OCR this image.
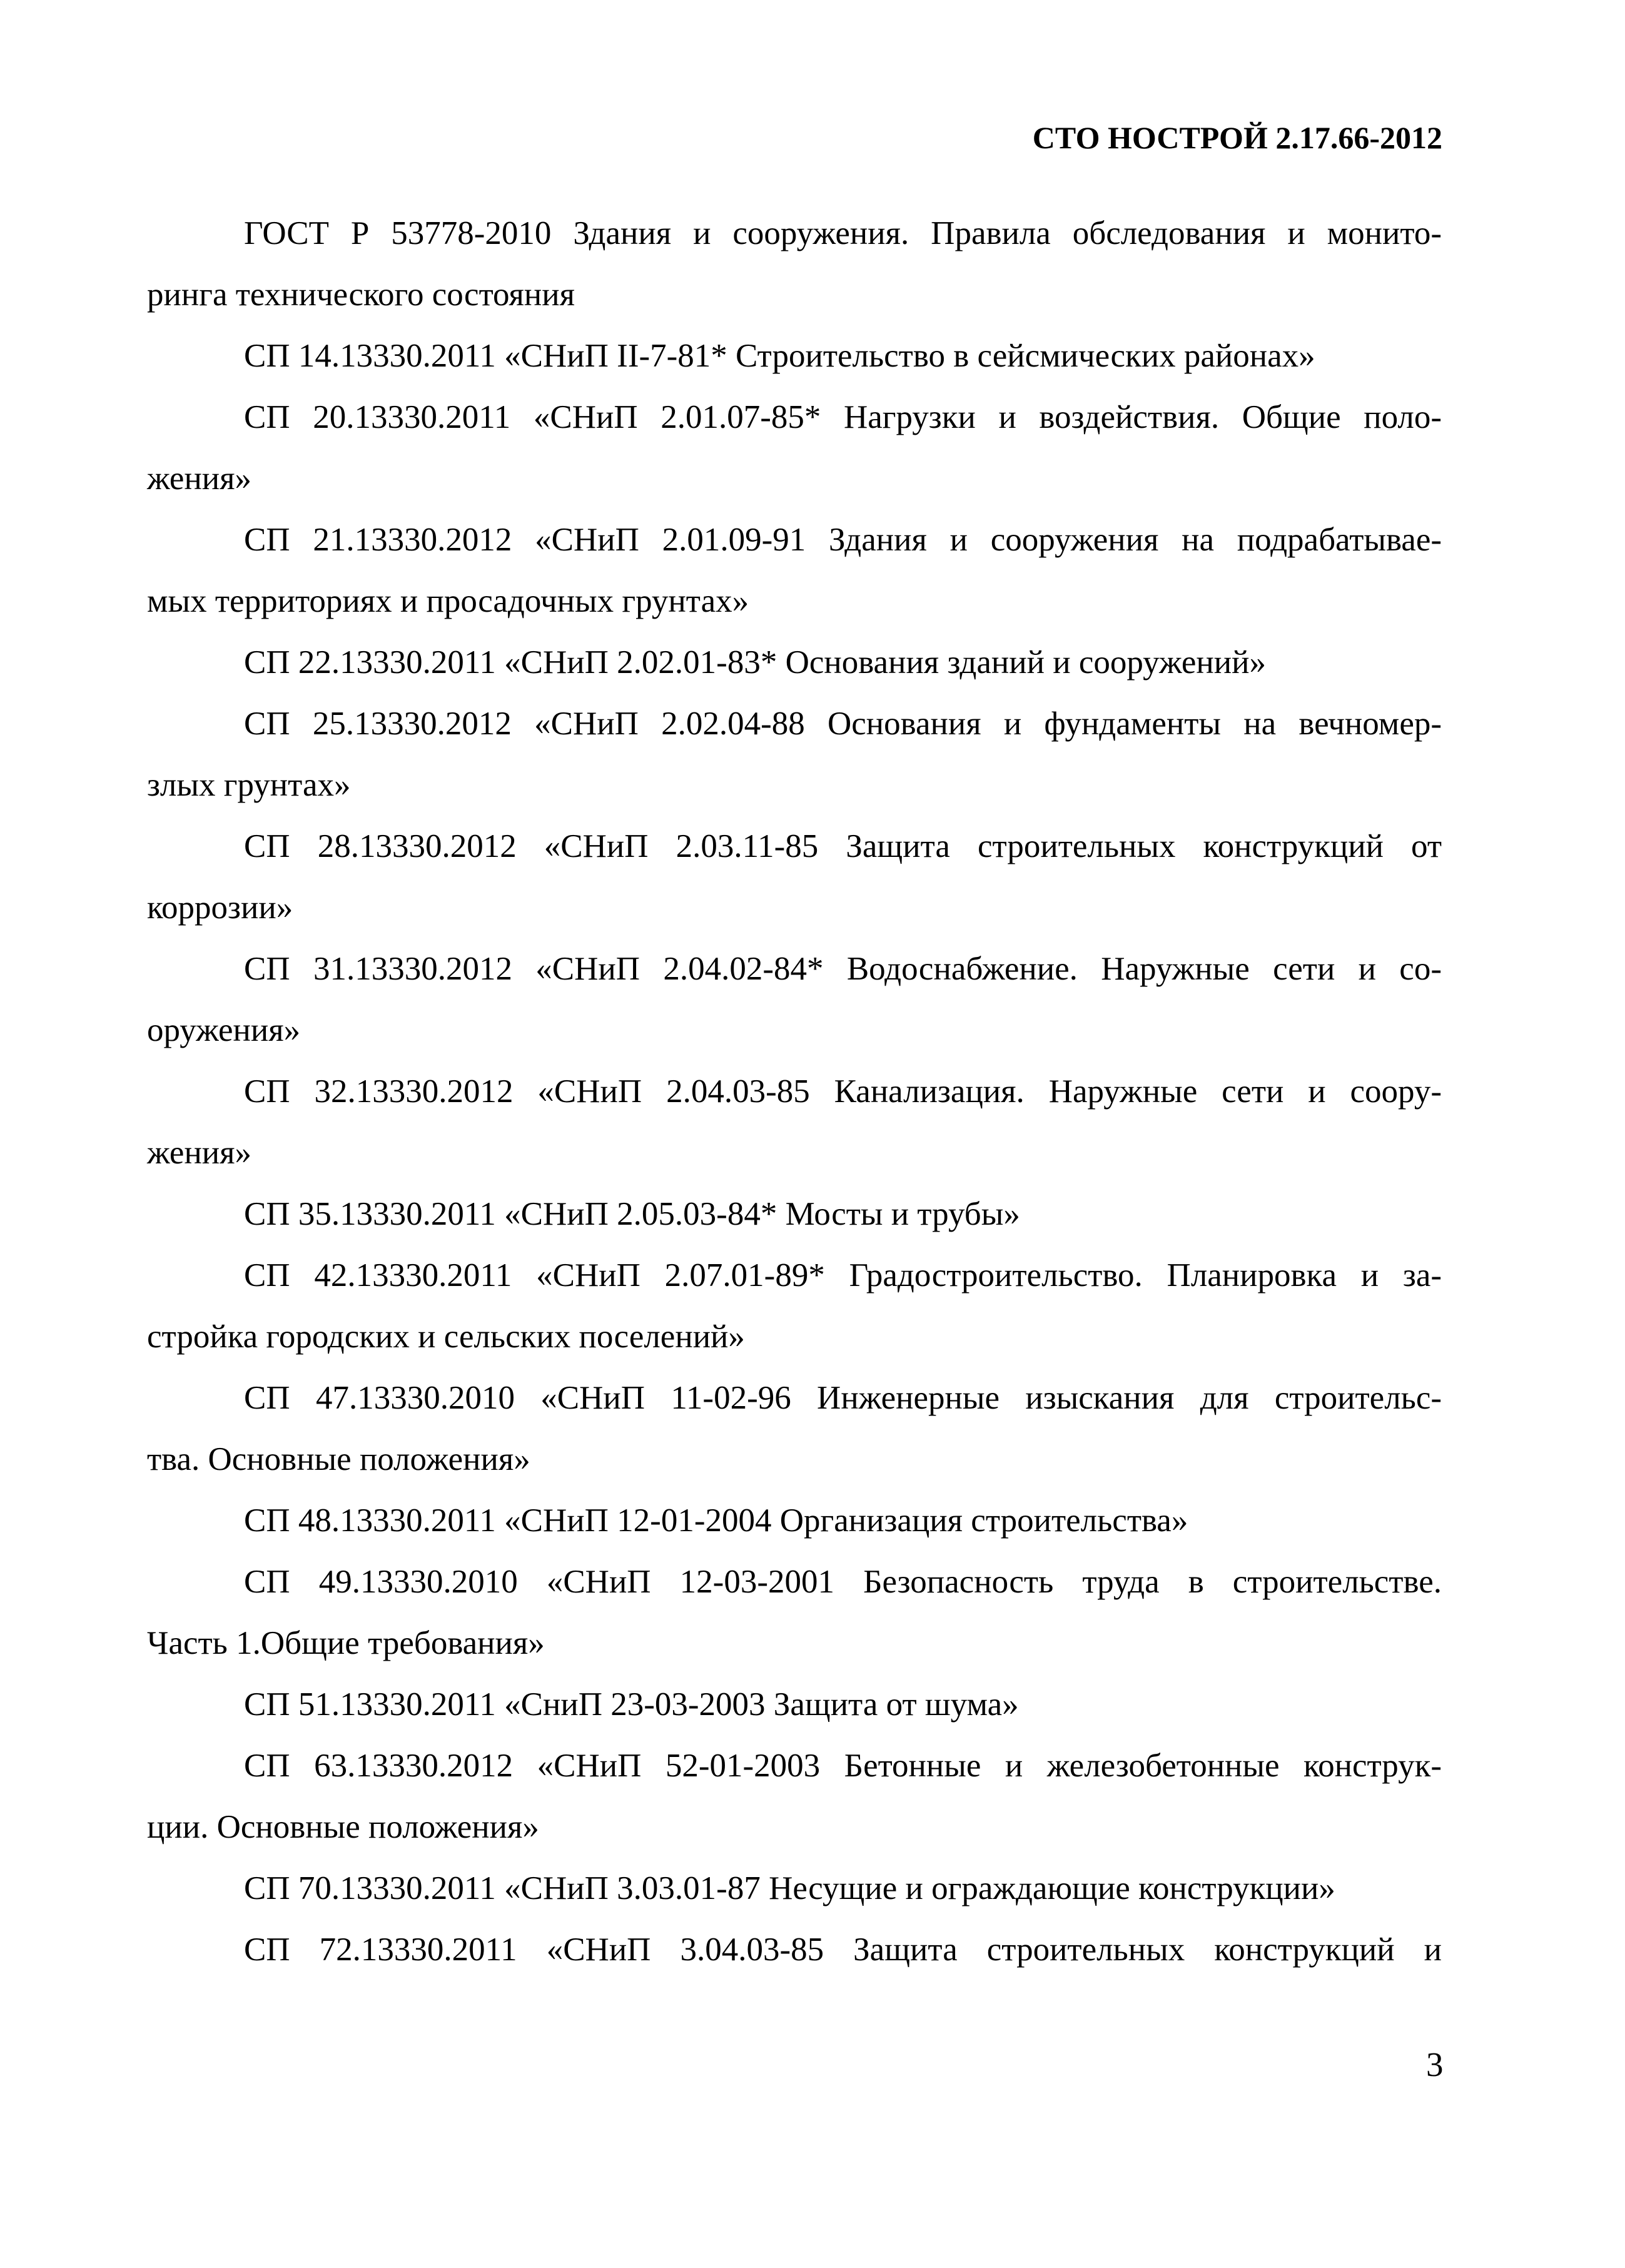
СТО НОСТРОЙ 2.17.66-2012
ГОСТ Р 53778-2010 Здания и сооружения. Правила обследования и монито-
ринга технического состояния
СП 14.13330.2011 «СНиП II-7-81* Строительство в сейсмических районах»
СП 20.13330.2011 «СНиП 2.01.07-85* Нагрузки и воздействия. Общие поло-
жения»
СП 21.13330.2012 «СНиП 2.01.09-91 Здания и сооружения на подрабатывае-
мых территориях и просадочных грунтах»
СП 22.13330.2011 «СНиП 2.02.01-83* Основания зданий и сооружений»
СП 25.13330.2012 «СНиП 2.02.04-88 Основания и фундаменты на вечномер-
злых грунтах»
СП 28.13330.2012 «СНиП 2.03.11-85 Защита строительных конструкций от
коррозии»
СП 31.13330.2012 «СНиП 2.04.02-84* Водоснабжение. Наружные сети и со-
оружения»
СП 32.13330.2012 «СНиП 2.04.03-85 Канализация. Наружные сети и соору-
жения»
СП 35.13330.2011 «СНиП 2.05.03-84* Мосты и трубы»
СП 42.13330.2011 «СНиП 2.07.01-89* Градостроительство. Планировка и за-
стройка городских и сельских поселений»
СП 47.13330.2010 «СНиП 11-02-96 Инженерные изыскания для строительс-
тва. Основные положения»
СП 48.13330.2011 «СНиП 12-01-2004 Организация строительства»
СП 49.13330.2010 «СНиП 12-03-2001 Безопасность труда в строительстве.
Часть 1.Общие требования»
СП 51.13330.2011 «СниП 23-03-2003 Защита от шума»
СП 63.13330.2012 «СНиП 52-01-2003 Бетонные и железобетонные конструк-
ции. Основные положения»
СП 70.13330.2011 «СНиП 3.03.01-87 Несущие и ограждающие конструкции»
СП 72.13330.2011 «СНиП 3.04.03-85 Защита строительных конструкций и
3
